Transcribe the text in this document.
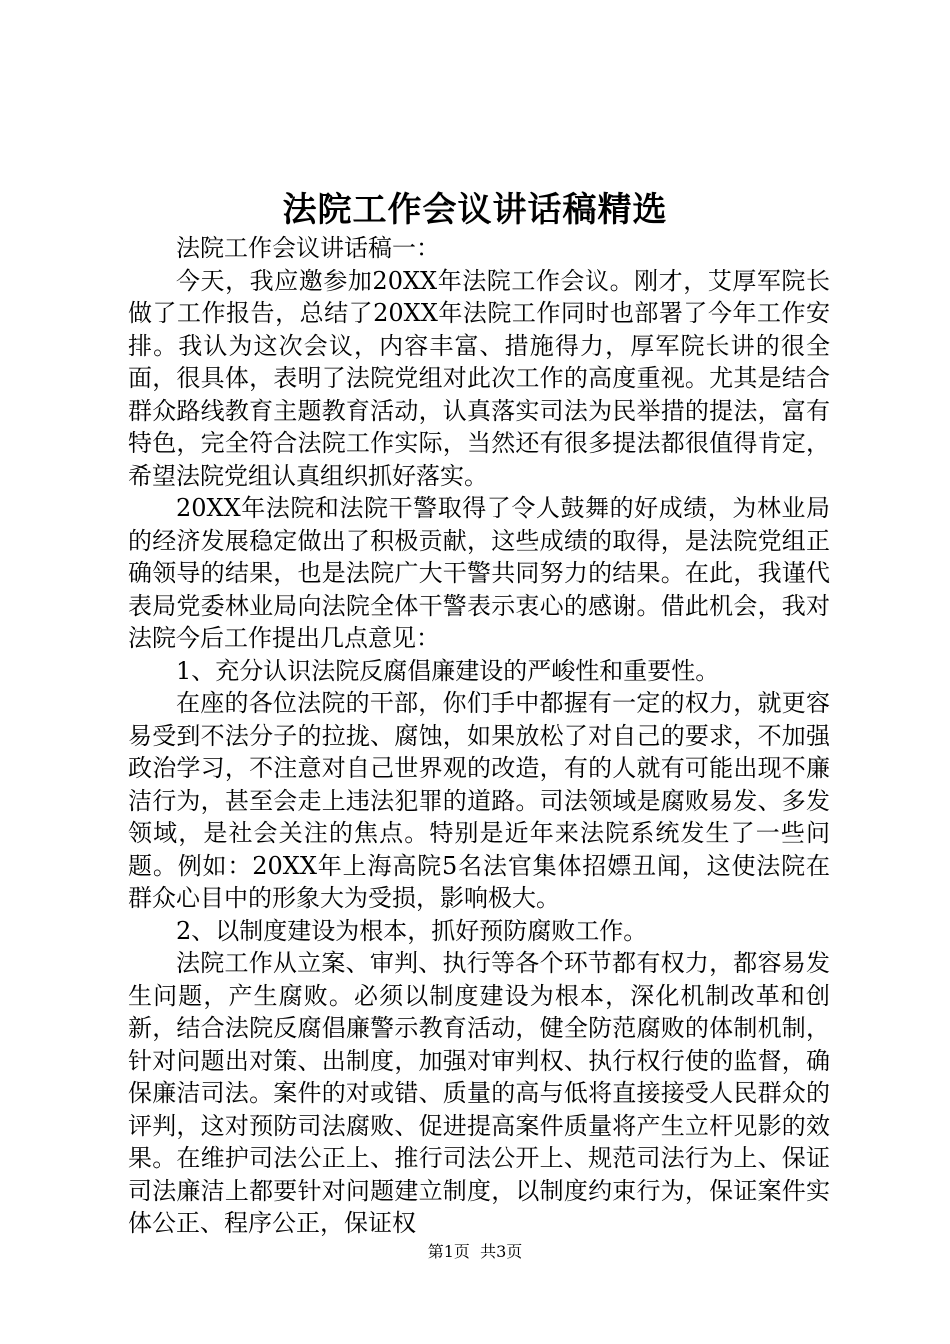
法院工作会议讲话稿精选

法院工作会议讲话稿一：

今天，我应邀参加20XX年法院工作会议。刚才，艾厚军院长做了工作报告，总结了20XX年法院工作同时也部署了今年工作安排。我认为这次会议，内容丰富、措施得力，厚军院长讲的很全面，很具体，表明了法院党组对此次工作的高度重视。尤其是结合群众路线教育主题教育活动，认真落实司法为民举措的提法，富有特色，完全符合法院工作实际，当然还有很多提法都很值得肯定，希望法院党组认真组织抓好落实。

20XX年法院和法院干警取得了令人鼓舞的好成绩，为林业局的经济发展稳定做出了积极贡献，这些成绩的取得，是法院党组正确领导的结果，也是法院广大干警共同努力的结果。在此，我谨代表局党委林业局向法院全体干警表示衷心的感谢。借此机会，我对法院今后工作提出几点意见：

1、充分认识法院反腐倡廉建设的严峻性和重要性。

在座的各位法院的干部，你们手中都握有一定的权力，就更容易受到不法分子的拉拢、腐蚀，如果放松了对自己的要求，不加强政治学习，不注意对自己世界观的改造，有的人就有可能出现不廉洁行为，甚至会走上违法犯罪的道路。司法领域是腐败易发、多发领域，是社会关注的焦点。特别是近年来法院系统发生了一些问题。例如：20XX年上海高院5名法官集体招嫖丑闻，这使法院在群众心目中的形象大为受损，影响极大。

2、以制度建设为根本，抓好预防腐败工作。

法院工作从立案、审判、执行等各个环节都有权力，都容易发生问题，产生腐败。必须以制度建设为根本，深化机制改革和创新，结合法院反腐倡廉警示教育活动，健全防范腐败的体制机制，针对问题出对策、出制度，加强对审判权、执行权行使的监督，确保廉洁司法。案件的对或错、质量的高与低将直接接受人民群众的评判，这对预防司法腐败、促进提高案件质量将产生立杆见影的效果。在维护司法公正上、推行司法公开上、规范司法行为上、保证司法廉洁上都要针对问题建立制度，以制度约束行为，保证案件实体公正、程序公正，保证权

第1页 共3页
